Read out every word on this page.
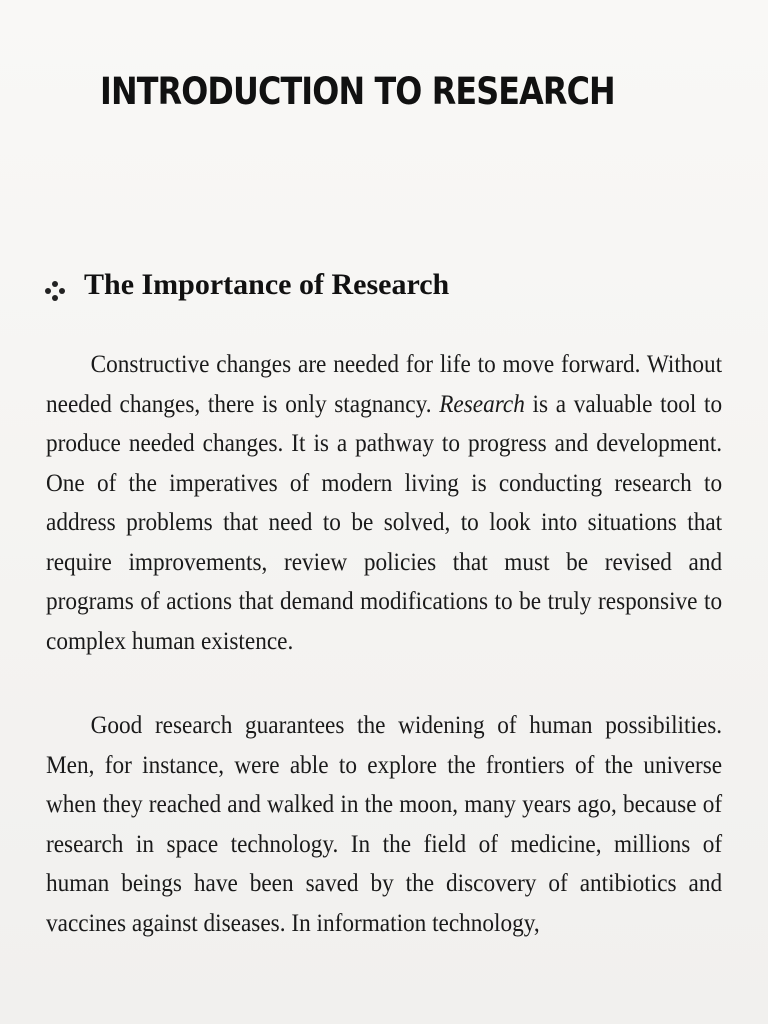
INTRODUCTION TO RESEARCH
The Importance of Research

Constructive changes are needed for life to move forward. Without needed changes, there is only stagnancy. Research is a valuable tool to produce needed changes. It is a pathway to progress and development. One of the imperatives of modern living is conducting research to address problems that need to be solved, to look into situations that require improvements, review policies that must be revised and programs of actions that demand modifications to be truly responsive to complex human existence.

Good research guarantees the widening of human possibilities. Men, for instance, were able to explore the frontiers of the universe when they reached and walked in the moon, many years ago, because of research in space technology. In the field of medicine, millions of human beings have been saved by the discovery of antibiotics and vaccines against diseases. In information technology,
